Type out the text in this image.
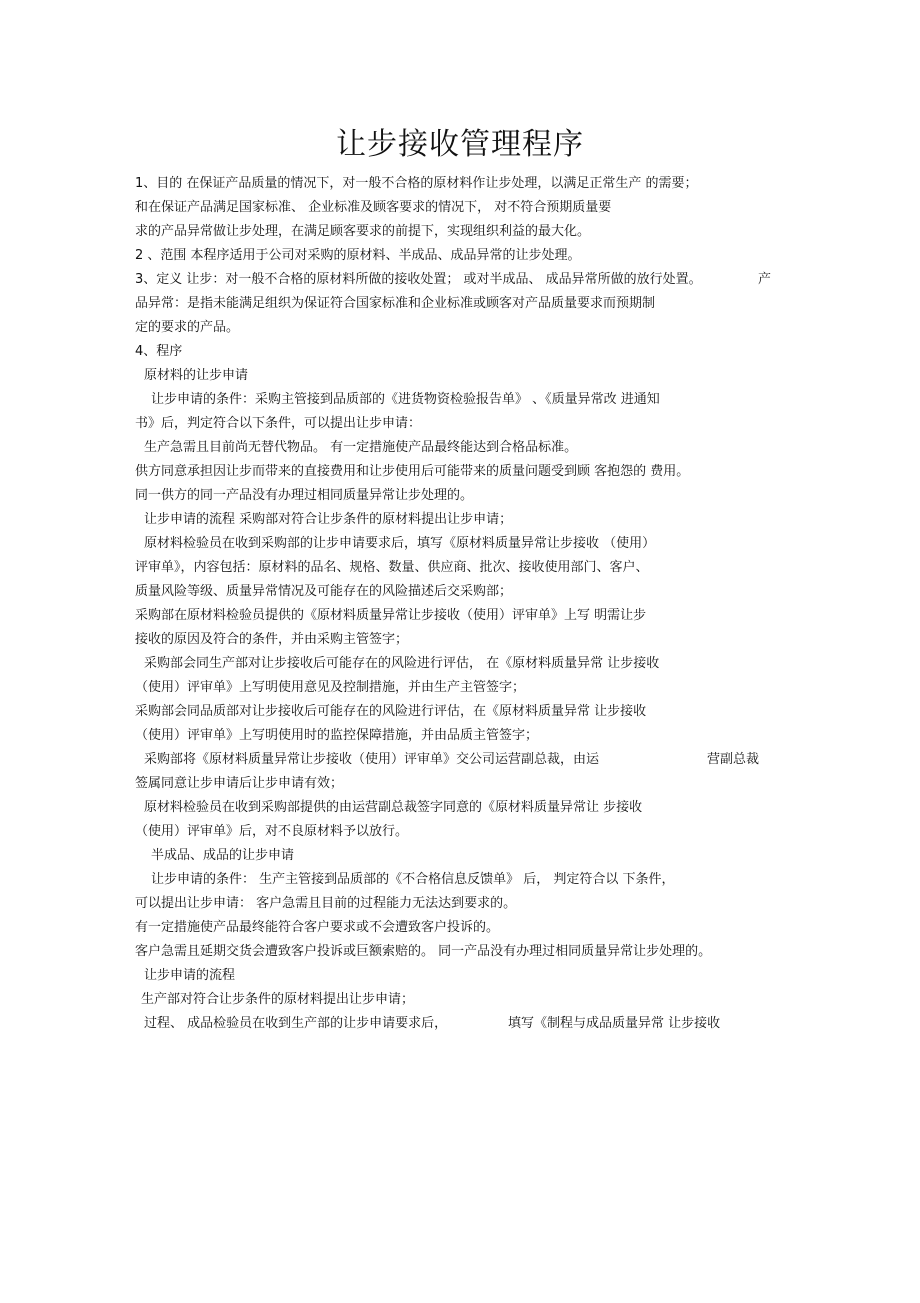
让步接收管理程序
1、目的 在保证产品质量的情况下，对一般不合格的原材料作让步处理，以满足正常生产 的需要；
和在保证产品满足国家标准、 企业标准及顾客要求的情况下， 对不符合预期质量要
求的产品异常做让步处理，在满足顾客要求的前提下，实现组织利益的最大化。
2 、范围 本程序适用于公司对采购的原材料、半成品、成品异常的让步处理。
3、定义 让步：对一般不合格的原材料所做的接收处置； 或对半成品、 成品异常所做的放行处置。	产
品异常：是指未能满足组织为保证符合国家标准和企业标准或顾客对产品质量要求而预期制
定的要求的产品。
4、程序
原材料的让步申请
让步申请的条件：采购主管接到品质部的《进货物资检验报告单》 、《质量异常改 进通知
书》后，判定符合以下条件，可以提出让步申请：
生产急需且目前尚无替代物品。 有一定措施使产品最终能达到合格品标准。
供方同意承担因让步而带来的直接费用和让步使用后可能带来的质量问题受到顾 客抱怨的 费用。
同一供方的同一产品没有办理过相同质量异常让步处理的。
让步申请的流程 采购部对符合让步条件的原材料提出让步申请；
原材料检验员在收到采购部的让步申请要求后，填写《原材料质量异常让步接收 （使用）
评审单》，内容包括：原材料的品名、规格、数量、供应商、批次、接收使用部门、客户、
质量风险等级、质量异常情况及可能存在的风险描述后交采购部；
采购部在原材料检验员提供的《原材料质量异常让步接收（使用）评审单》上写 明需让步
接收的原因及符合的条件，并由采购主管签字；
采购部会同生产部对让步接收后可能存在的风险进行评估， 在《原材料质量异常 让步接收
（使用）评审单》上写明使用意见及控制措施，并由生产主管签字；
采购部会同品质部对让步接收后可能存在的风险进行评估，在《原材料质量异常 让步接收
（使用）评审单》上写明使用时的监控保障措施，并由品质主管签字；
采购部将《原材料质量异常让步接收（使用）评审单》交公司运营副总裁，由运	营副总裁
签属同意让步申请后让步申请有效；
原材料检验员在收到采购部提供的由运营副总裁签字同意的《原材料质量异常让 步接收
（使用）评审单》后，对不良原材料予以放行。
半成品、成品的让步申请
让步申请的条件： 生产主管接到品质部的《不合格信息反馈单》 后， 判定符合以 下条件，
可以提出让步申请： 客户急需且目前的过程能力无法达到要求的。
有一定措施使产品最终能符合客户要求或不会遭致客户投诉的。
客户急需且延期交货会遭致客户投诉或巨额索赔的。 同一产品没有办理过相同质量异常让步处理的。
让步申请的流程
生产部对符合让步条件的原材料提出让步申请；
过程、 成品检验员在收到生产部的让步申请要求后，	填写《制程与成品质量异常 让步接收
